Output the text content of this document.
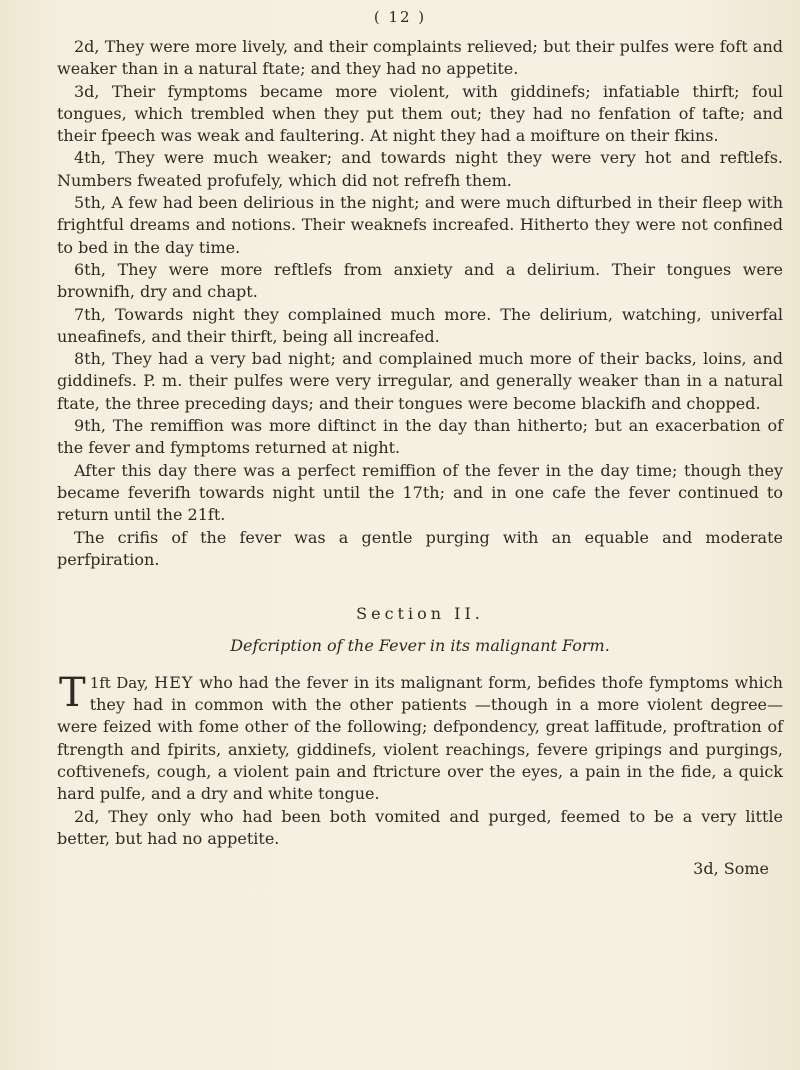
( 12 )

2d, They were more lively, and their complaints relieved; but their pulfes were foft and weaker than in a natural ftate; and they had no appetite.

3d, Their fymptoms became more violent, with giddinefs; infatiable thirft; foul tongues, which trembled when they put them out; they had no fenfation of tafte; and their fpeech was weak and faultering. At night they had a moifture on their fkins.

4th, They were much weaker; and towards night they were very hot and reftlefs. Numbers fweated profufely, which did not refrefh them.

5th, A few had been delirious in the night; and were much difturbed in their fleep with frightful dreams and notions. Their weaknefs increafed. Hitherto they were not confined to bed in the day time.

6th, They were more reftlefs from anxiety and a delirium. Their tongues were brownifh, dry and chapt.

7th, Towards night they complained much more. The delirium, watching, univerfal uneafinefs, and their thirft, being all increafed.

8th, They had a very bad night; and complained much more of their backs, loins, and giddinefs. P. m. their pulfes were very irregular, and generally weaker than in a natural ftate, the three preceding days; and their tongues were become blackifh and chopped.

9th, The remiffion was more diftinct in the day than hitherto; but an exacerbation of the fever and fymptoms returned at night.

After this day there was a perfect remiffion of the fever in the day time; though they became feverifh towards night until the 17th; and in one cafe the fever continued to return until the 21ft.

The crifis of the fever was a gentle purging with an equable and moderate perfpiration.

Section II.
Defcription of the Fever in its malignant Form.

1ft Day,
T	HEY who had the fever in its malignant form, befides thofe fymptoms which they had in common with the other patients —though in a more violent degree—were feized with fome other of the following; defpondency, great laffitude, proftration of ftrength and fpirits, anxiety, giddinefs, violent reachings, fevere gripings and purgings, coftivenefs, cough, a violent pain and ftricture over the eyes, a pain in the fide, a quick hard pulfe, and a dry and white tongue.

2d, They only who had been both vomited and purged, feemed to be a very little better, but had no appetite.

3d, Some
